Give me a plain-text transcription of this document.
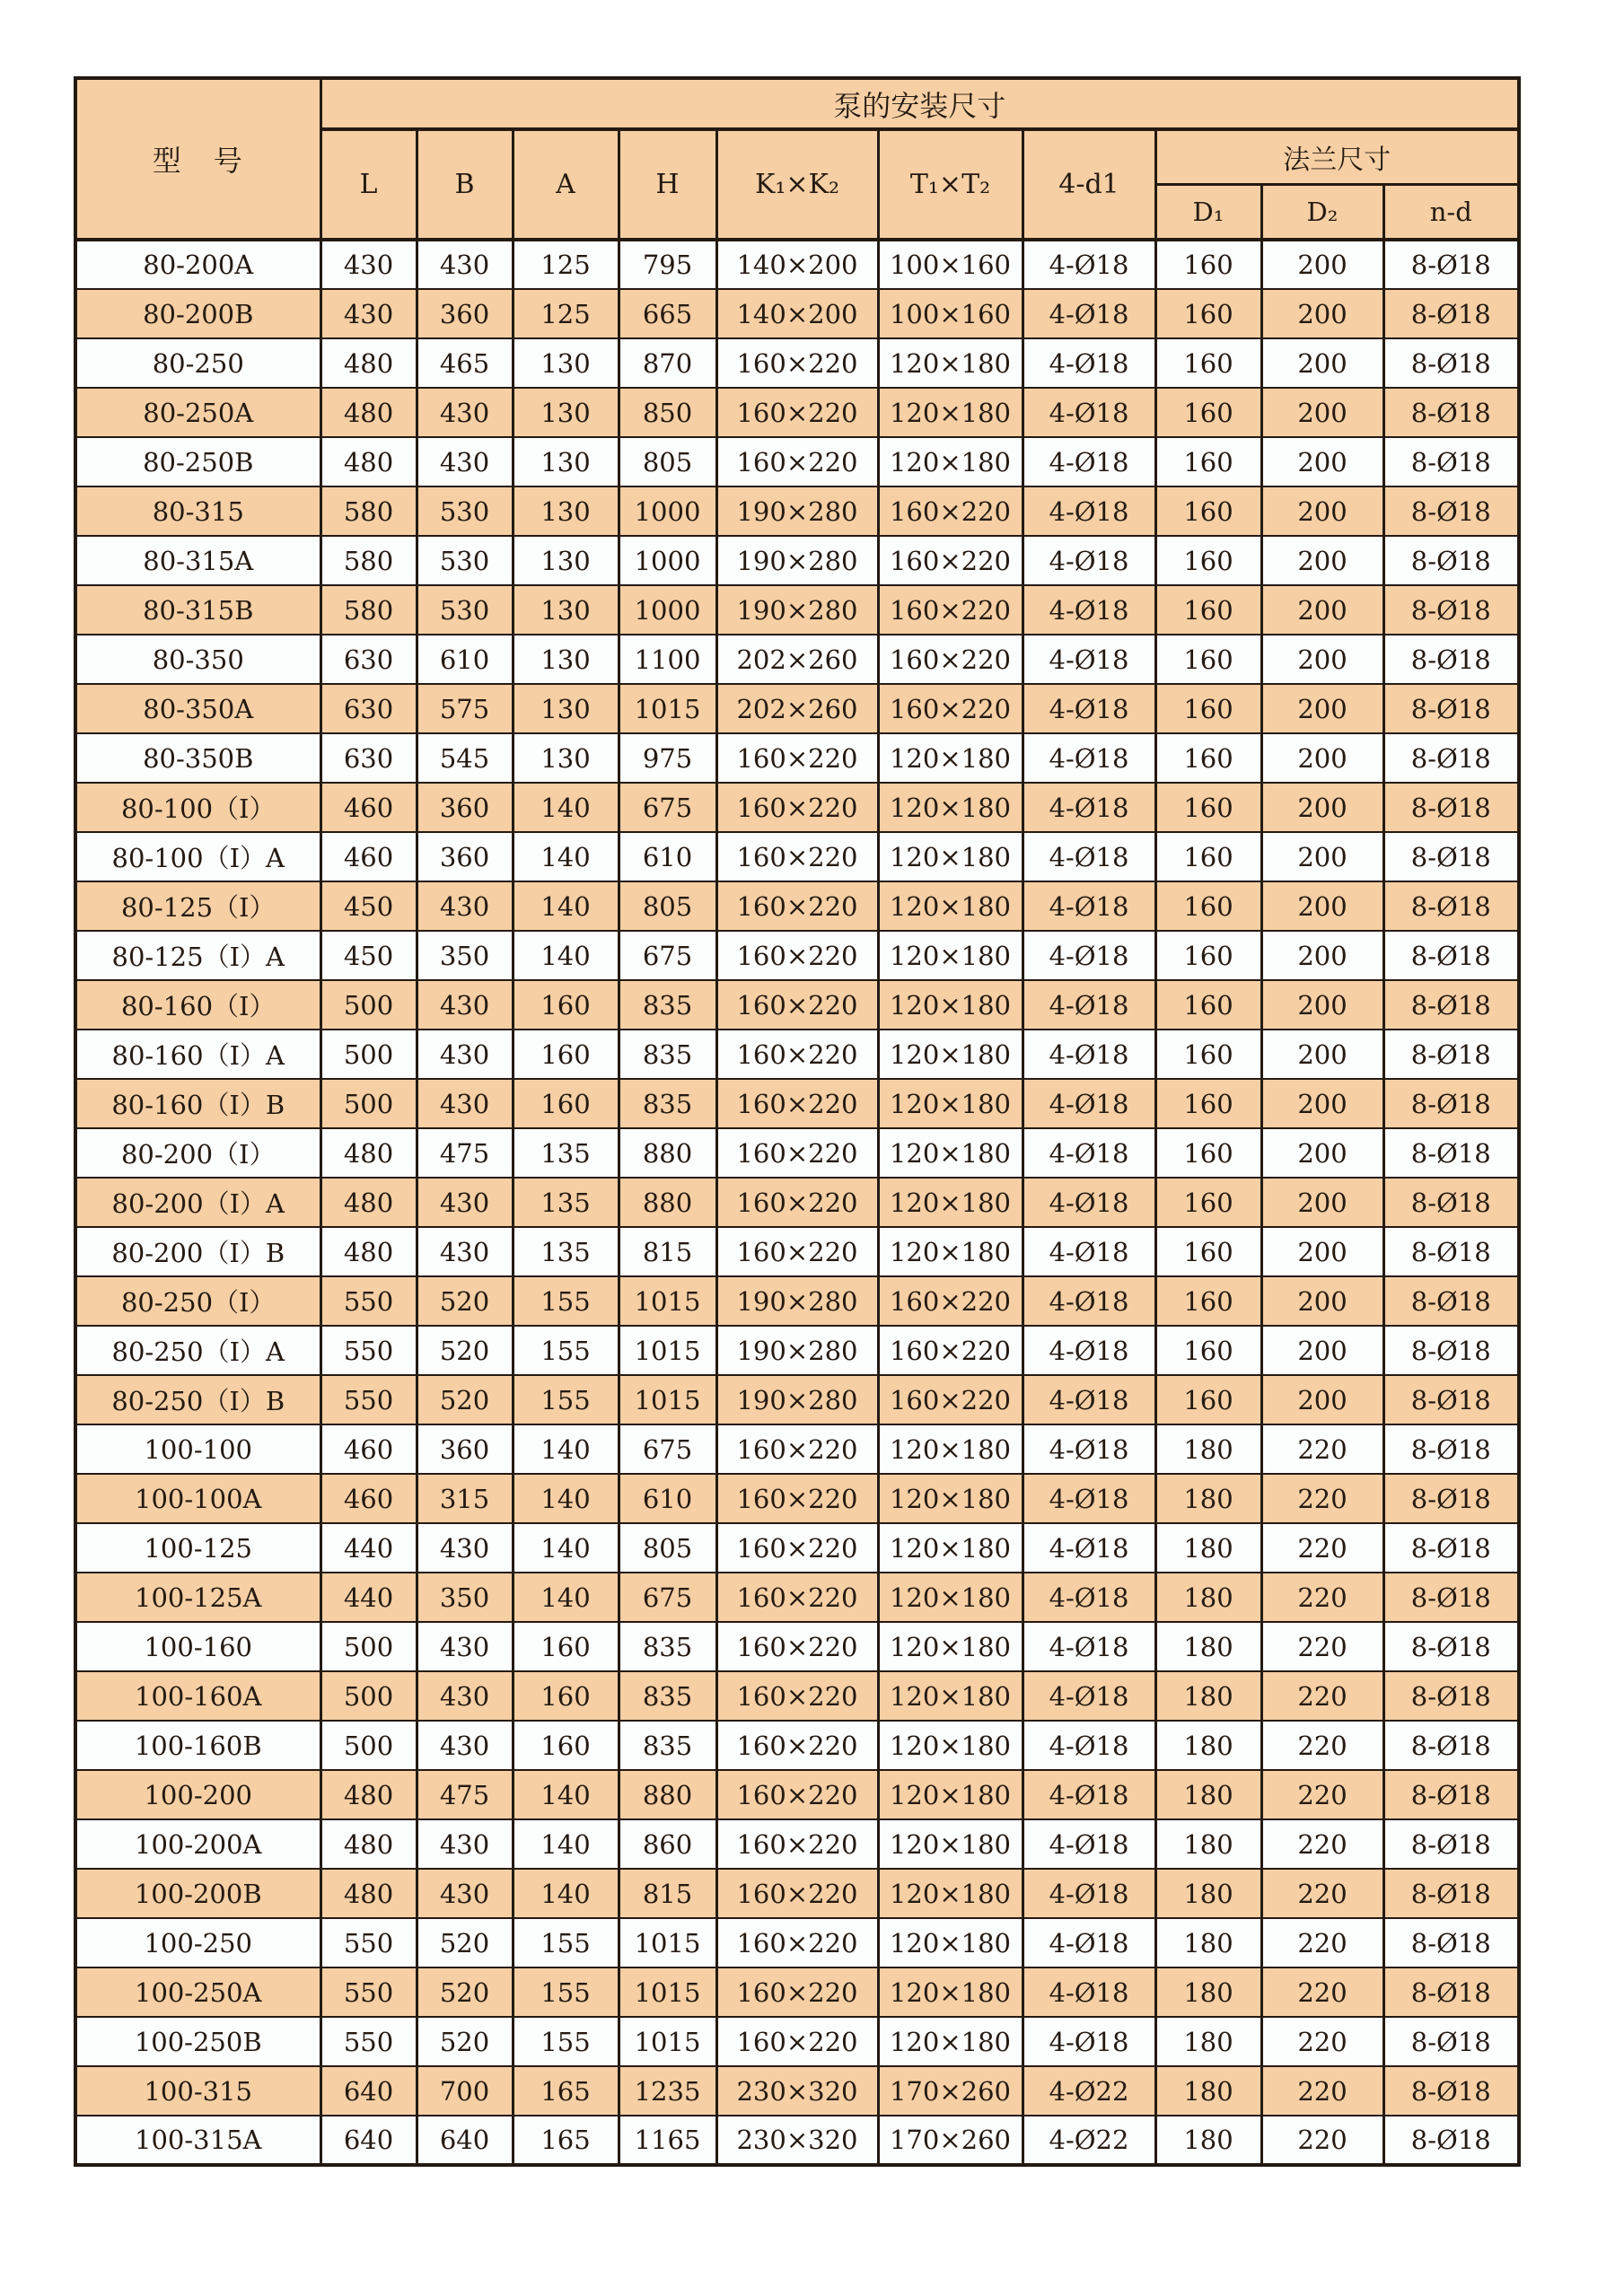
型　号	泵的安装尺寸									
	L	B	A	H	K₁×K₂	T₁×T₂	4-d1	法兰尺寸		
								D₁	D₂	n-d
80-200A	430	430	125	795	140×200	100×160	4-Ø18	160	200	8-Ø18
80-200B	430	360	125	665	140×200	100×160	4-Ø18	160	200	8-Ø18
80-250	480	465	130	870	160×220	120×180	4-Ø18	160	200	8-Ø18
80-250A	480	430	130	850	160×220	120×180	4-Ø18	160	200	8-Ø18
80-250B	480	430	130	805	160×220	120×180	4-Ø18	160	200	8-Ø18
80-315	580	530	130	1000	190×280	160×220	4-Ø18	160	200	8-Ø18
80-315A	580	530	130	1000	190×280	160×220	4-Ø18	160	200	8-Ø18
80-315B	580	530	130	1000	190×280	160×220	4-Ø18	160	200	8-Ø18
80-350	630	610	130	1100	202×260	160×220	4-Ø18	160	200	8-Ø18
80-350A	630	575	130	1015	202×260	160×220	4-Ø18	160	200	8-Ø18
80-350B	630	545	130	975	160×220	120×180	4-Ø18	160	200	8-Ø18
80-100（I）	460	360	140	675	160×220	120×180	4-Ø18	160	200	8-Ø18
80-100（I）A	460	360	140	610	160×220	120×180	4-Ø18	160	200	8-Ø18
80-125（I）	450	430	140	805	160×220	120×180	4-Ø18	160	200	8-Ø18
80-125（I）A	450	350	140	675	160×220	120×180	4-Ø18	160	200	8-Ø18
80-160（I）	500	430	160	835	160×220	120×180	4-Ø18	160	200	8-Ø18
80-160（I）A	500	430	160	835	160×220	120×180	4-Ø18	160	200	8-Ø18
80-160（I）B	500	430	160	835	160×220	120×180	4-Ø18	160	200	8-Ø18
80-200（I）	480	475	135	880	160×220	120×180	4-Ø18	160	200	8-Ø18
80-200（I）A	480	430	135	880	160×220	120×180	4-Ø18	160	200	8-Ø18
80-200（I）B	480	430	135	815	160×220	120×180	4-Ø18	160	200	8-Ø18
80-250（I）	550	520	155	1015	190×280	160×220	4-Ø18	160	200	8-Ø18
80-250（I）A	550	520	155	1015	190×280	160×220	4-Ø18	160	200	8-Ø18
80-250（I）B	550	520	155	1015	190×280	160×220	4-Ø18	160	200	8-Ø18
100-100	460	360	140	675	160×220	120×180	4-Ø18	180	220	8-Ø18
100-100A	460	315	140	610	160×220	120×180	4-Ø18	180	220	8-Ø18
100-125	440	430	140	805	160×220	120×180	4-Ø18	180	220	8-Ø18
100-125A	440	350	140	675	160×220	120×180	4-Ø18	180	220	8-Ø18
100-160	500	430	160	835	160×220	120×180	4-Ø18	180	220	8-Ø18
100-160A	500	430	160	835	160×220	120×180	4-Ø18	180	220	8-Ø18
100-160B	500	430	160	835	160×220	120×180	4-Ø18	180	220	8-Ø18
100-200	480	475	140	880	160×220	120×180	4-Ø18	180	220	8-Ø18
100-200A	480	430	140	860	160×220	120×180	4-Ø18	180	220	8-Ø18
100-200B	480	430	140	815	160×220	120×180	4-Ø18	180	220	8-Ø18
100-250	550	520	155	1015	160×220	120×180	4-Ø18	180	220	8-Ø18
100-250A	550	520	155	1015	160×220	120×180	4-Ø18	180	220	8-Ø18
100-250B	550	520	155	1015	160×220	120×180	4-Ø18	180	220	8-Ø18
100-315	640	700	165	1235	230×320	170×260	4-Ø22	180	220	8-Ø18
100-315A	640	640	165	1165	230×320	170×260	4-Ø22	180	220	8-Ø18
